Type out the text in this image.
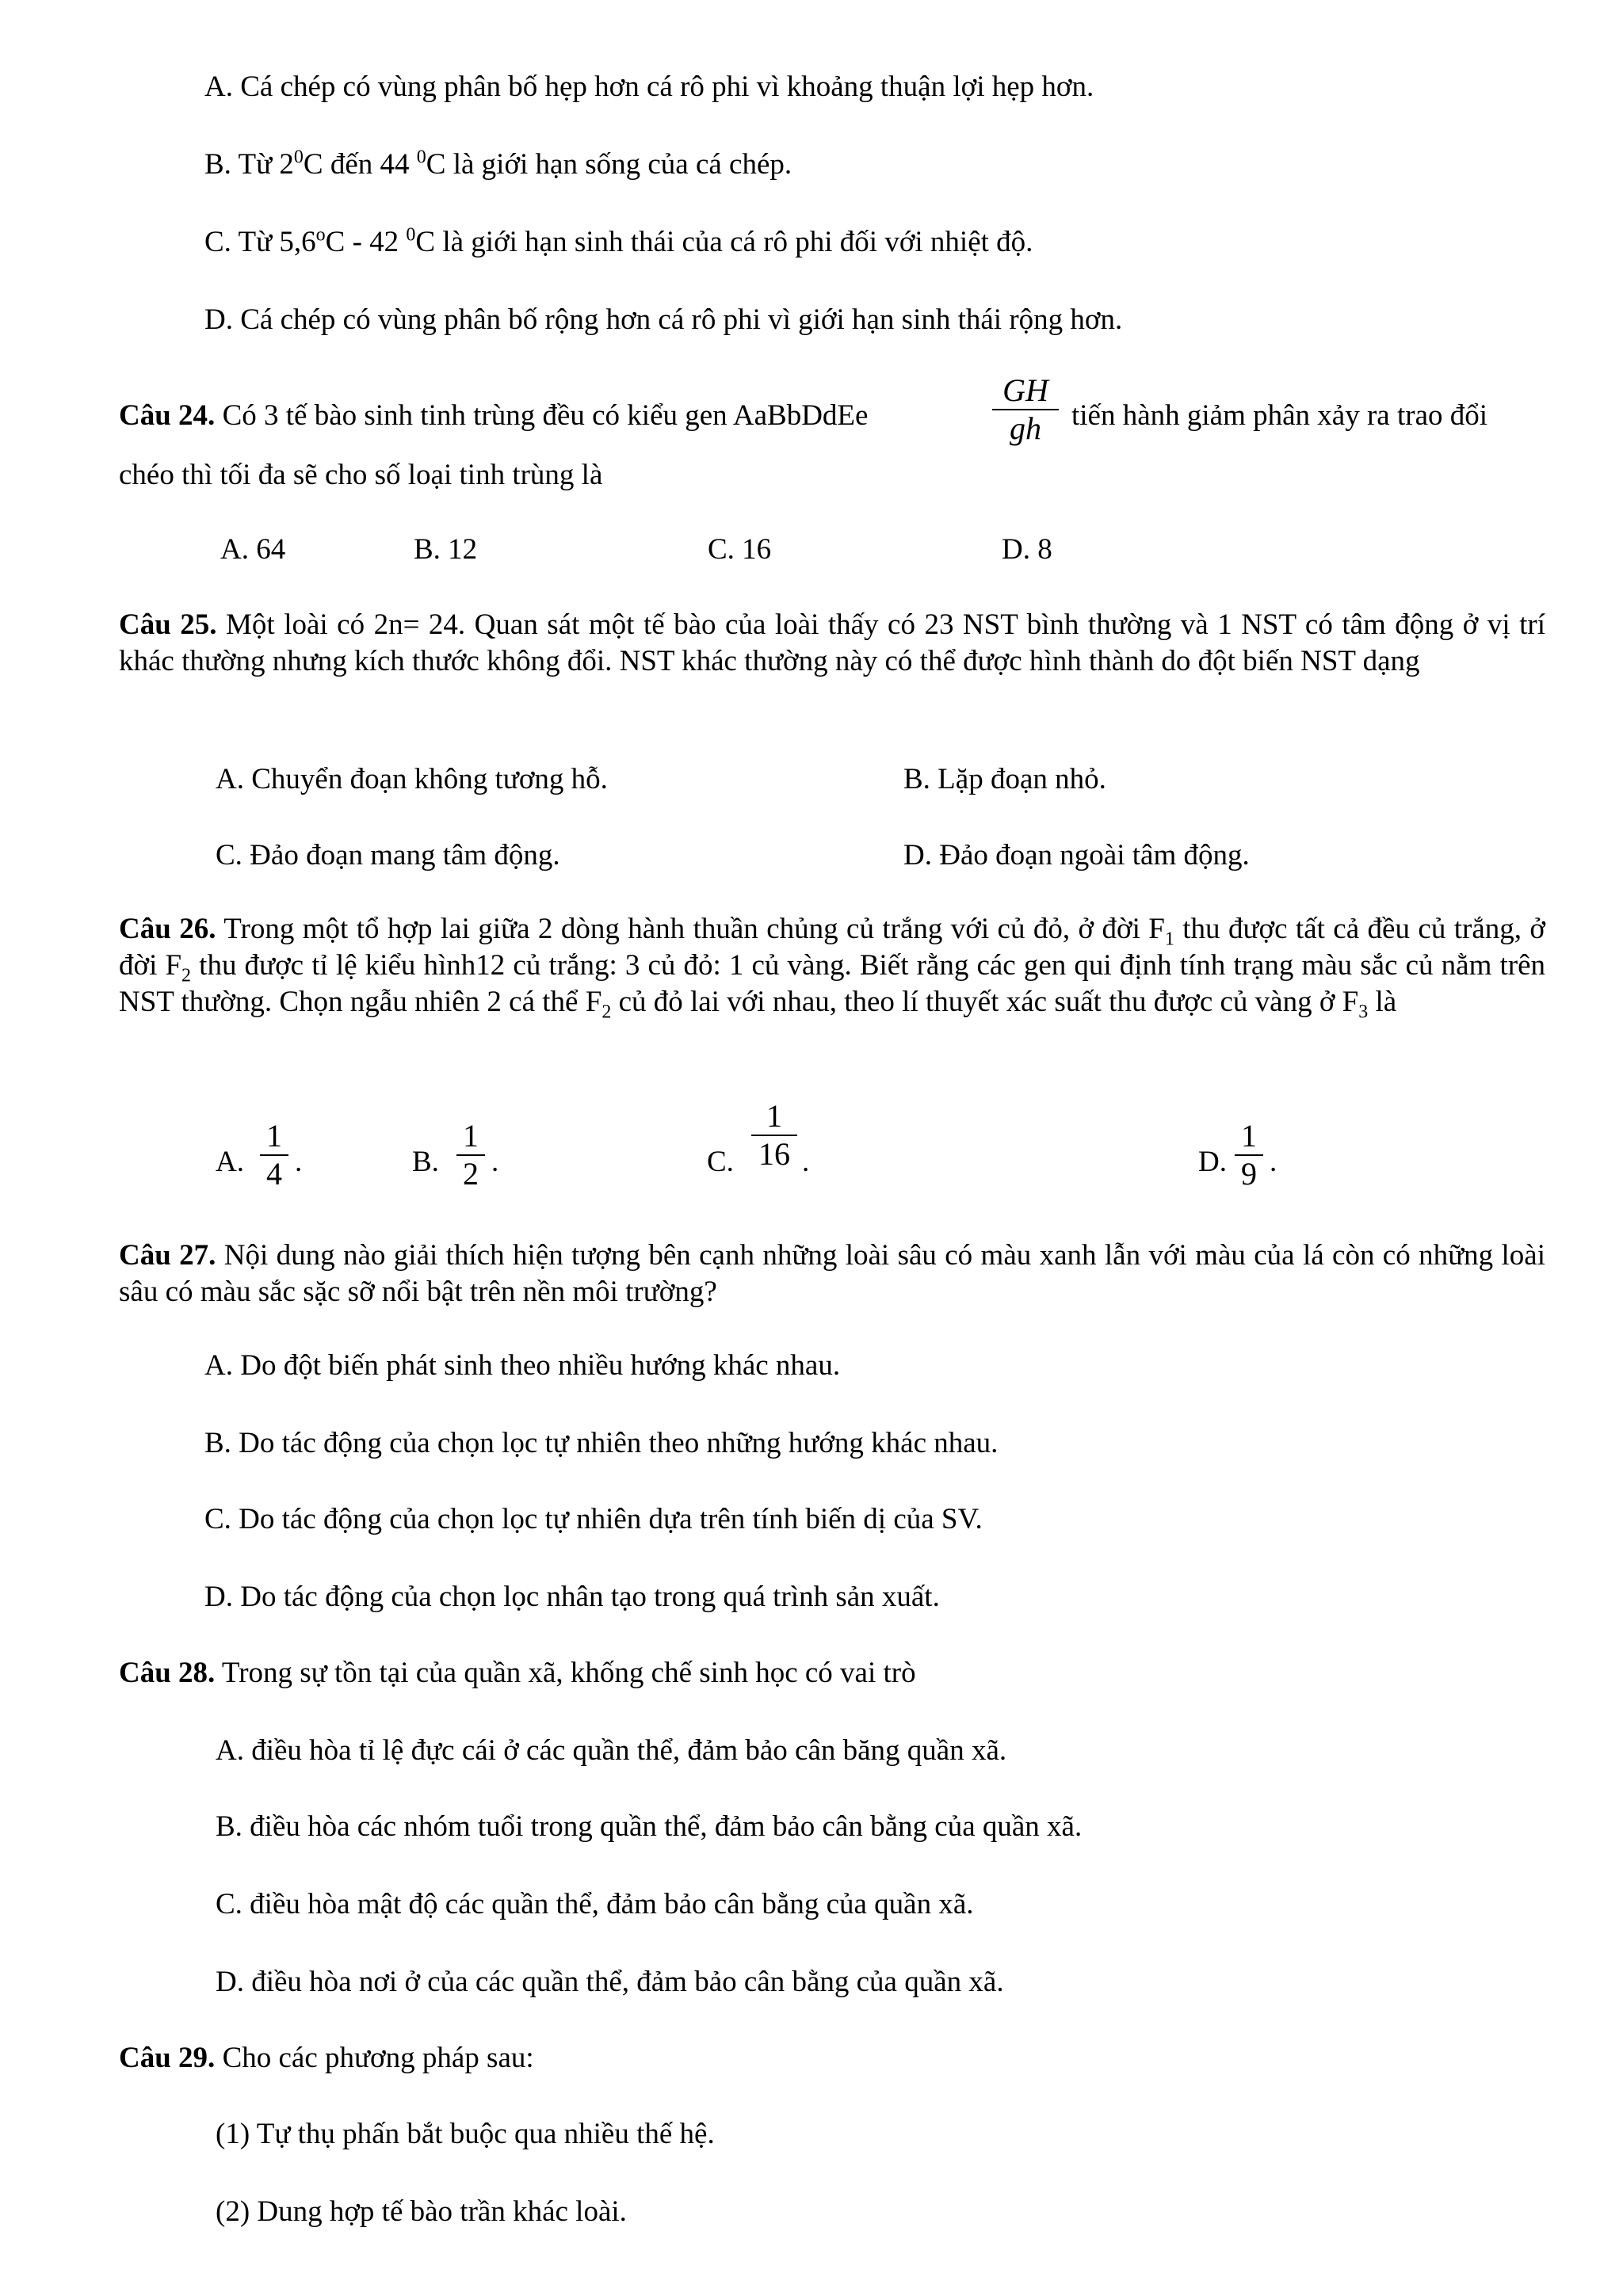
A. Cá chép có vùng phân bố hẹp hơn cá rô phi vì khoảng thuận lợi hẹp hơn.
B. Từ $2^0C$ đến 44 $^0$C là giới hạn sống của cá chép.
C. Từ 5,6$^o$C - 42 $^0$C là giới hạn sinh thái của cá rô phi đối với nhiệt độ.
D. Cá chép có vùng phân bố rộng hơn cá rô phi vì giới hạn sinh thái rộng hơn.
Câu 24. Có 3 tế bào sinh tinh trùng đều có kiểu gen AaBbDdEe
GH
gh	tiến hành giảm phân xảy ra trao đổi
chéo thì tối đa sẽ cho số loại tinh trùng là
A. 64	B. 12	C. 16	D. 8
Câu 25. Một loài có 2n= 24. Quan sát một tế bào của loài thấy có 23 NST bình thường và 1 NST có tâm động ở vị trí khác thường nhưng kích thước không đổi. NST khác thường này có thể được hình thành do đột biến NST dạng
A. Chuyển đoạn không tương hỗ.	B. Lặp đoạn nhỏ.
C. Đảo đoạn mang tâm động.	D. Đảo đoạn ngoài tâm động.
Câu 26. Trong một tổ hợp lai giữa 2 dòng hành thuần chủng củ trắng với củ đỏ, ở đời $F_1$ thu được tất cả đều củ trắng, ở đời $F_2$ thu được tỉ lệ kiểu hình12 củ trắng: 3 củ đỏ: 1 củ vàng. Biết rằng các gen qui định tính trạng màu sắc củ nằm trên NST thường. Chọn ngẫu nhiên 2 cá thể $F_2$ củ đỏ lai với nhau, theo lí thuyết xác suất thu được củ vàng ở $F_3$ là
A.
1
4 .	B.
1
2 .	C.
1
16 .	D.
1
9 .
Câu 27. Nội dung nào giải thích hiện tượng bên cạnh những loài sâu có màu xanh lẫn với màu của lá còn có những loài sâu có màu sắc sặc sỡ nổi bật trên nền môi trường?
A. Do đột biến phát sinh theo nhiều hướng khác nhau.
B. Do tác động của chọn lọc tự nhiên theo những hướng khác nhau.
C. Do tác động của chọn lọc tự nhiên dựa trên tính biến dị của SV.
D. Do tác động của chọn lọc nhân tạo trong quá trình sản xuất.
Câu 28. Trong sự tồn tại của quần xã, khống chế sinh học có vai trò
A. điều hòa tỉ lệ đực cái ở các quần thể, đảm bảo cân băng quần xã.
B. điều hòa các nhóm tuổi trong quần thể, đảm bảo cân bằng của quần xã.
C. điều hòa mật độ các quần thể, đảm bảo cân bằng của quần xã.
D. điều hòa nơi ở của các quần thể, đảm bảo cân bằng của quần xã.
Câu 29. Cho các phương pháp sau:
(1) Tự thụ phấn bắt buộc qua nhiều thế hệ.
(2) Dung hợp tế bào trần khác loài.
